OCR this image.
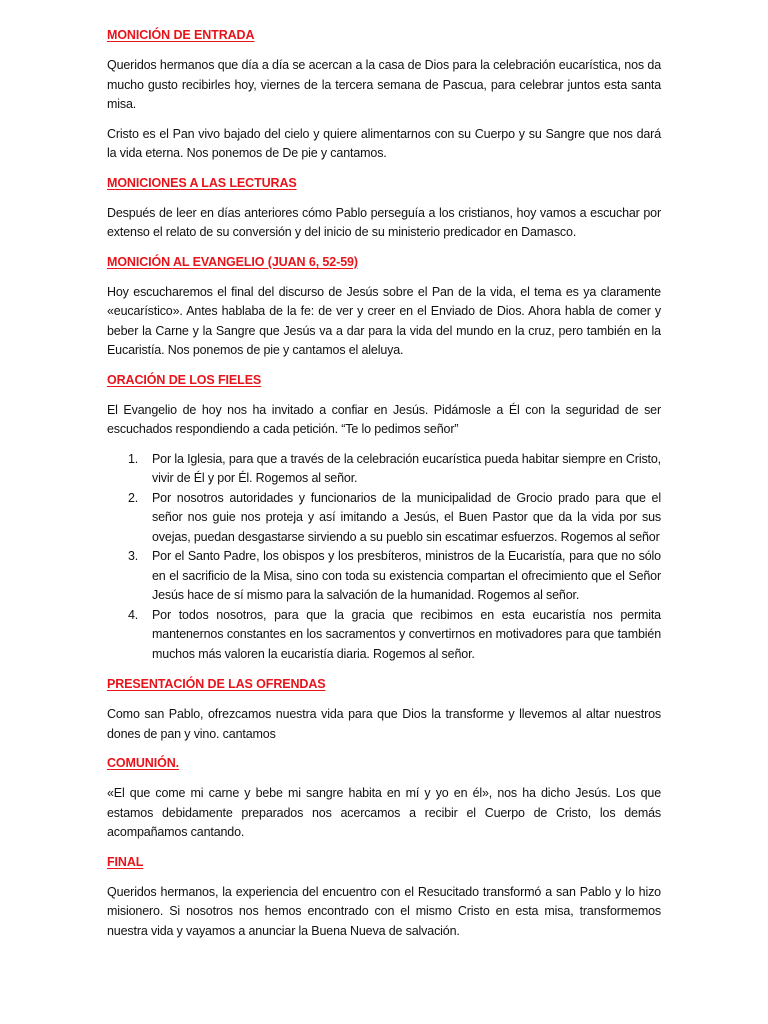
MONICIÓN DE ENTRADA

Queridos hermanos que día a día se acercan a la casa de Dios para la celebración eucarística, nos da mucho gusto recibirles hoy, viernes de la tercera semana de Pascua, para celebrar juntos esta santa misa.

Cristo es el Pan vivo bajado del cielo y quiere alimentarnos con su Cuerpo y su Sangre que nos dará la vida eterna. Nos ponemos de De pie y cantamos.

MONICIONES A LAS LECTURAS

Después de leer en días anteriores cómo Pablo perseguía a los cristianos, hoy vamos a escuchar por extenso el relato de su conversión y del inicio de su ministerio predicador en Damasco.

MONICIÓN AL EVANGELIO (JUAN 6, 52-59)

Hoy escucharemos el final del discurso de Jesús sobre el Pan de la vida, el tema es ya claramente «eucarístico». Antes hablaba de la fe: de ver y creer en el Enviado de Dios. Ahora habla de comer y beber la Carne y la Sangre que Jesús va a dar para la vida del mundo en la cruz, pero también en la Eucaristía. Nos ponemos de pie y cantamos el aleluya.

ORACIÓN DE LOS FIELES

El Evangelio de hoy nos ha invitado a confiar en Jesús. Pidámosle a Él con la seguridad de ser escuchados respondiendo a cada petición. “Te lo pedimos señor”

1. Por la Iglesia, para que a través de la celebración eucarística pueda habitar siempre en Cristo, vivir de Él y por Él. Rogemos al señor.
2. Por nosotros autoridades y funcionarios de la municipalidad de Grocio prado para que el señor nos guie nos proteja y así imitando a Jesús, el Buen Pastor que da la vida por sus ovejas, puedan desgastarse sirviendo a su pueblo sin escatimar esfuerzos. Rogemos al señor
3. Por el Santo Padre, los obispos y los presbíteros, ministros de la Eucaristía, para que no sólo en el sacrificio de la Misa, sino con toda su existencia compartan el ofrecimiento que el Señor Jesús hace de sí mismo para la salvación de la humanidad. Rogemos al señor.
4. Por todos nosotros, para que la gracia que recibimos en esta eucaristía nos permita mantenernos constantes en los sacramentos y convertirnos en motivadores para que también muchos más valoren la eucaristía diaria. Rogemos al señor.
PRESENTACIÓN DE LAS OFRENDAS

Como san Pablo, ofrezcamos nuestra vida para que Dios la transforme y llevemos al altar nuestros dones de pan y vino. cantamos

COMUNIÓN.

«El que come mi carne y bebe mi sangre habita en mí y yo en él», nos ha dicho Jesús. Los que estamos debidamente preparados nos acercamos a recibir el Cuerpo de Cristo, los demás acompañamos cantando.

FINAL

Queridos hermanos, la experiencia del encuentro con el Resucitado transformó a san Pablo y lo hizo misionero. Si nosotros nos hemos encontrado con el mismo Cristo en esta misa, transformemos nuestra vida y vayamos a anunciar la Buena Nueva de salvación.
